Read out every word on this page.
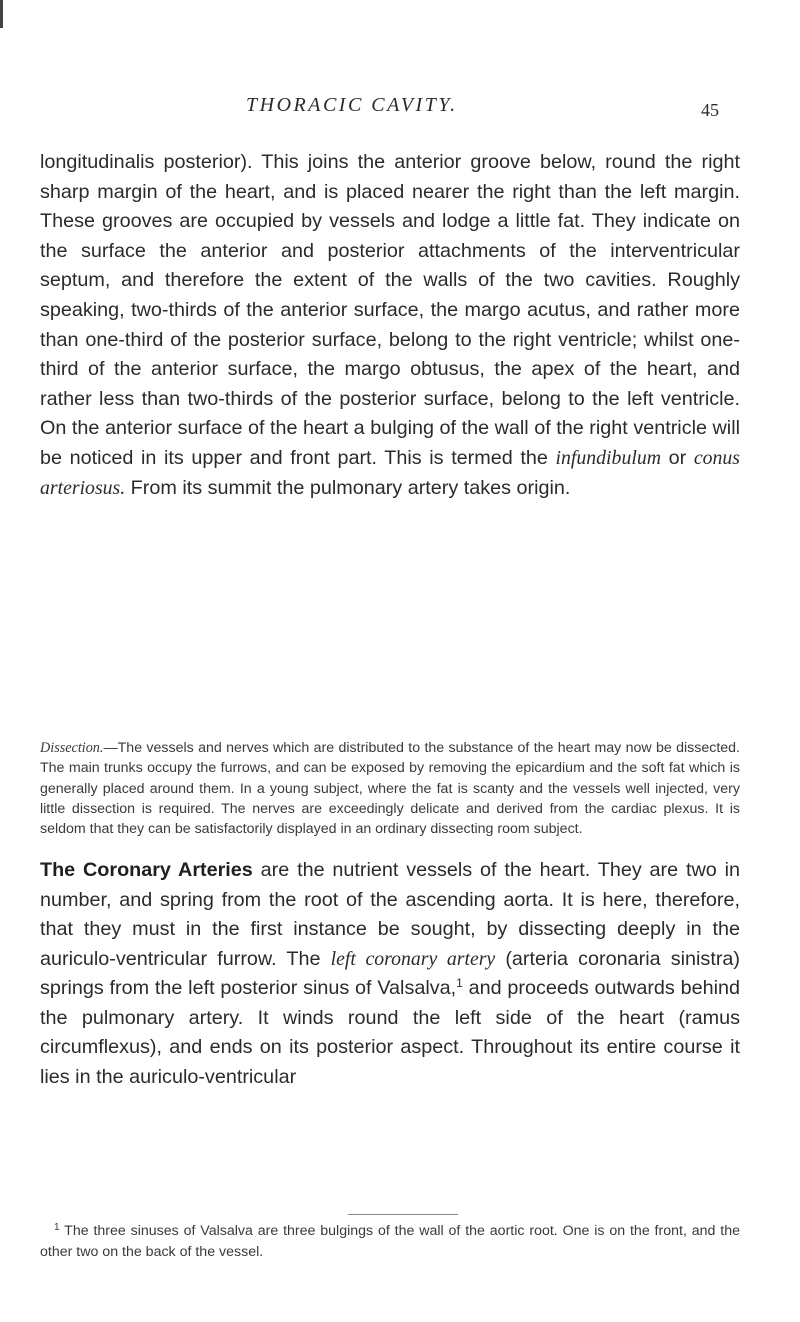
THORACIC CAVITY.	45

longitudinalis posterior). This joins the anterior groove below, round the right sharp margin of the heart, and is placed nearer the right than the left margin. These grooves are occupied by vessels and lodge a little fat. They indicate on the surface the anterior and posterior attachments of the interventricular septum, and therefore the extent of the walls of the two cavities. Roughly speaking, two-thirds of the anterior surface, the margo acutus, and rather more than one-third of the posterior surface, belong to the right ventricle; whilst one-third of the anterior surface, the margo obtusus, the apex of the heart, and rather less than two-thirds of the posterior surface, belong to the left ventricle. On the anterior surface of the heart a bulging of the wall of the right ventricle will be noticed in its upper and front part. This is termed the infundibulum or conus arteriosus. From its summit the pulmonary artery takes origin.

Dissection.—The vessels and nerves which are distributed to the substance of the heart may now be dissected. The main trunks occupy the furrows, and can be exposed by removing the epicardium and the soft fat which is generally placed around them. In a young subject, where the fat is scanty and the vessels well injected, very little dissection is required. The nerves are exceedingly delicate and derived from the cardiac plexus. It is seldom that they can be satisfactorily displayed in an ordinary dissecting room subject.

The Coronary Arteries are the nutrient vessels of the heart. They are two in number, and spring from the root of the ascending aorta. It is here, therefore, that they must in the first instance be sought, by dissecting deeply in the auriculo-ventricular furrow. The left coronary artery (arteria coronaria sinistra) springs from the left posterior sinus of Valsalva,$^1$ and proceeds outwards behind the pulmonary artery. It winds round the left side of the heart (ramus circumflexus), and ends on its posterior aspect. Throughout its entire course it lies in the auriculo-ventricular

$^1$ The three sinuses of Valsalva are three bulgings of the wall of the aortic root. One is on the front, and the other two on the back of the vessel.
